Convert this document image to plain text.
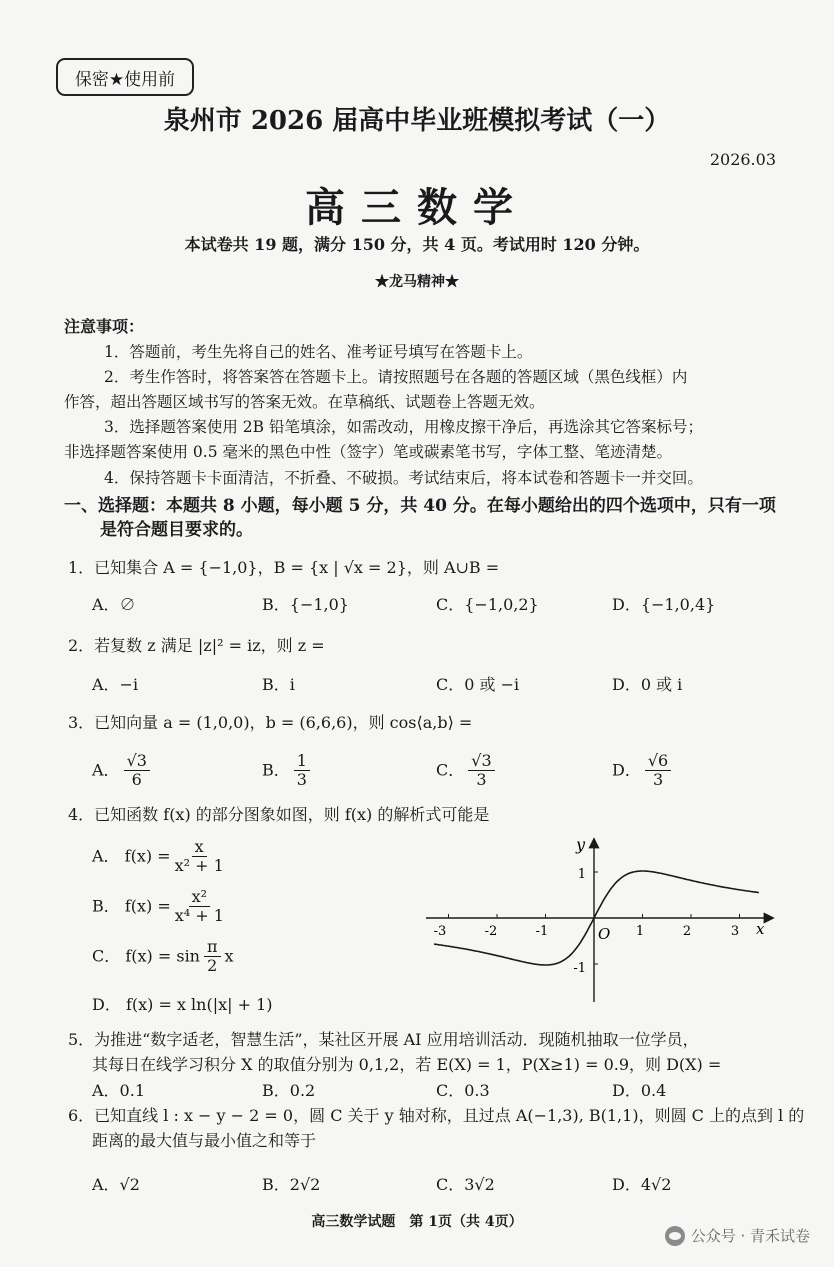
保密★使用前
泉州市 2026 届高中毕业班模拟考试（一）
2026.03
高三数学
本试卷共 19 题，满分 150 分，共 4 页。考试用时 120 分钟。
★龙马精神★
注意事项：
1．答题前，考生先将自己的姓名、准考证号填写在答题卡上。
2．考生作答时，将答案答在答题卡上。请按照题号在各题的答题区域（黑色线框）内
作答，超出答题区域书写的答案无效。在草稿纸、试题卷上答题无效。
3．选择题答案使用 2B 铅笔填涂，如需改动，用橡皮擦干净后，再选涂其它答案标号；
非选择题答案使用 0.5 毫米的黑色中性（签字）笔或碳素笔书写，字体工整、笔迹清楚。
4．保持答题卡卡面清洁，不折叠、不破损。考试结束后，将本试卷和答题卡一并交回。
一、选择题：本题共 8 小题，每小题 5 分，共 40 分。在每小题给出的四个选项中，只有一项
是符合题目要求的。
1．已知集合 A = {−1,0}，B = {x | √x = 2}，则 A∪B =
A．∅	B．{−1,0}	C．{−1,0,2}	D．{−1,0,4}
2．若复数 z 满足 |z|² = iz，则 z =
A．−i	B．i	C．0 或 −i	D．0 或 i
3．已知向量 a = (1,0,0)，b = (6,6,6)，则 cos⟨a,b⟩ =
A． $\frac{√3}{6}$	B． $\frac{1}{3}$	C． $\frac{√3}{3}$	D． $\frac{√6}{3}$
4．已知函数 f(x) 的部分图象如图，则 f(x) 的解析式可能是
A． $f(x) = \frac{x}{\text{x² + 1}}$
B． $f(x) = \frac{\text{x²}}{\text{x⁴ + 1}}$
C． $f(x) = \sin \frac{\pi}{2}$ x
D． f(x) = x ln(|x| + 1)
y
x
O
-3	-2	-1	1	2	3
1
-1
5．为推进“数字适老，智慧生活”，某社区开展 AI 应用培训活动．现随机抽取一位学员，
其每日在线学习积分 X 的取值分别为 0,1,2，若 E(X) = 1，P(X≥1) = 0.9，则 D(X) =
A．0.1	B．0.2	C．0.3	D．0.4
6．已知直线 l : x − y − 2 = 0，圆 C 关于 y 轴对称，且过点 A(−1,3), B(1,1)，则圆 C 上的点到 l 的
距离的最大值与最小值之和等于
A．√2	B．2√2	C．3√2	D．4√2
高三数学试题　第 1页（共 4页）
公众号 · 青禾试卷
